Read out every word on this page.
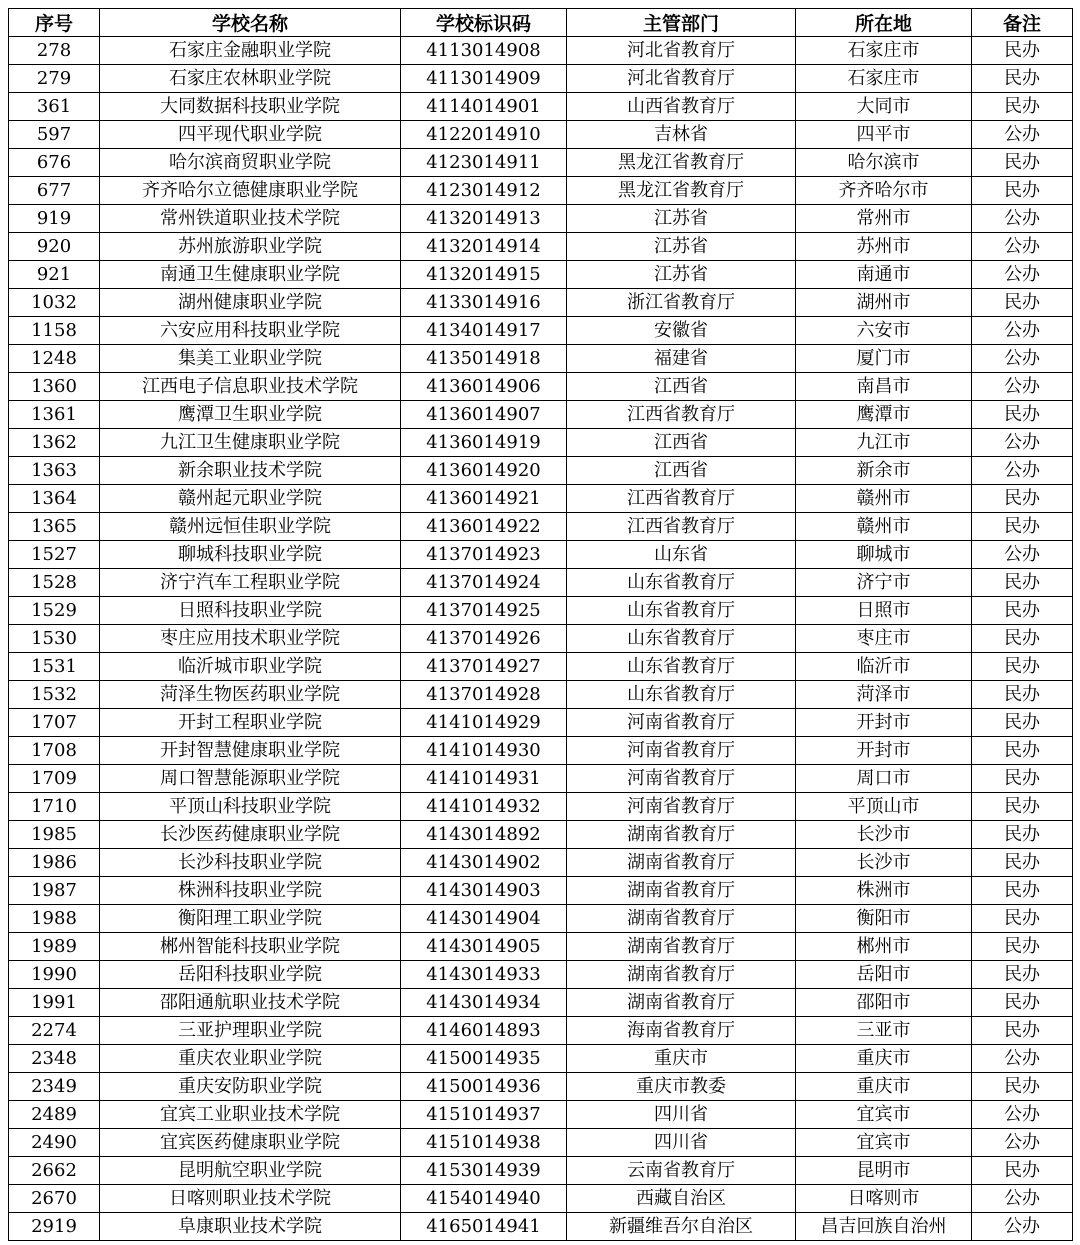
序号	学校名称	学校标识码	主管部门	所在地	备注
278	石家庄金融职业学院	4113014908	河北省教育厅	石家庄市	民办
279	石家庄农林职业学院	4113014909	河北省教育厅	石家庄市	民办
361	大同数据科技职业学院	4114014901	山西省教育厅	大同市	民办
597	四平现代职业学院	4122014910	吉林省	四平市	公办
676	哈尔滨商贸职业学院	4123014911	黑龙江省教育厅	哈尔滨市	民办
677	齐齐哈尔立德健康职业学院	4123014912	黑龙江省教育厅	齐齐哈尔市	民办
919	常州铁道职业技术学院	4132014913	江苏省	常州市	公办
920	苏州旅游职业学院	4132014914	江苏省	苏州市	公办
921	南通卫生健康职业学院	4132014915	江苏省	南通市	公办
1032	湖州健康职业学院	4133014916	浙江省教育厅	湖州市	民办
1158	六安应用科技职业学院	4134014917	安徽省	六安市	公办
1248	集美工业职业学院	4135014918	福建省	厦门市	公办
1360	江西电子信息职业技术学院	4136014906	江西省	南昌市	公办
1361	鹰潭卫生职业学院	4136014907	江西省教育厅	鹰潭市	民办
1362	九江卫生健康职业学院	4136014919	江西省	九江市	公办
1363	新余职业技术学院	4136014920	江西省	新余市	公办
1364	赣州起元职业学院	4136014921	江西省教育厅	赣州市	民办
1365	赣州远恒佳职业学院	4136014922	江西省教育厅	赣州市	民办
1527	聊城科技职业学院	4137014923	山东省	聊城市	公办
1528	济宁汽车工程职业学院	4137014924	山东省教育厅	济宁市	民办
1529	日照科技职业学院	4137014925	山东省教育厅	日照市	民办
1530	枣庄应用技术职业学院	4137014926	山东省教育厅	枣庄市	民办
1531	临沂城市职业学院	4137014927	山东省教育厅	临沂市	民办
1532	菏泽生物医药职业学院	4137014928	山东省教育厅	菏泽市	民办
1707	开封工程职业学院	4141014929	河南省教育厅	开封市	民办
1708	开封智慧健康职业学院	4141014930	河南省教育厅	开封市	民办
1709	周口智慧能源职业学院	4141014931	河南省教育厅	周口市	民办
1710	平顶山科技职业学院	4141014932	河南省教育厅	平顶山市	民办
1985	长沙医药健康职业学院	4143014892	湖南省教育厅	长沙市	民办
1986	长沙科技职业学院	4143014902	湖南省教育厅	长沙市	民办
1987	株洲科技职业学院	4143014903	湖南省教育厅	株洲市	民办
1988	衡阳理工职业学院	4143014904	湖南省教育厅	衡阳市	民办
1989	郴州智能科技职业学院	4143014905	湖南省教育厅	郴州市	民办
1990	岳阳科技职业学院	4143014933	湖南省教育厅	岳阳市	民办
1991	邵阳通航职业技术学院	4143014934	湖南省教育厅	邵阳市	民办
2274	三亚护理职业学院	4146014893	海南省教育厅	三亚市	民办
2348	重庆农业职业学院	4150014935	重庆市	重庆市	公办
2349	重庆安防职业学院	4150014936	重庆市教委	重庆市	民办
2489	宜宾工业职业技术学院	4151014937	四川省	宜宾市	公办
2490	宜宾医药健康职业学院	4151014938	四川省	宜宾市	公办
2662	昆明航空职业学院	4153014939	云南省教育厅	昆明市	民办
2670	日喀则职业技术学院	4154014940	西藏自治区	日喀则市	公办
2919	阜康职业技术学院	4165014941	新疆维吾尔自治区	昌吉回族自治州	公办
